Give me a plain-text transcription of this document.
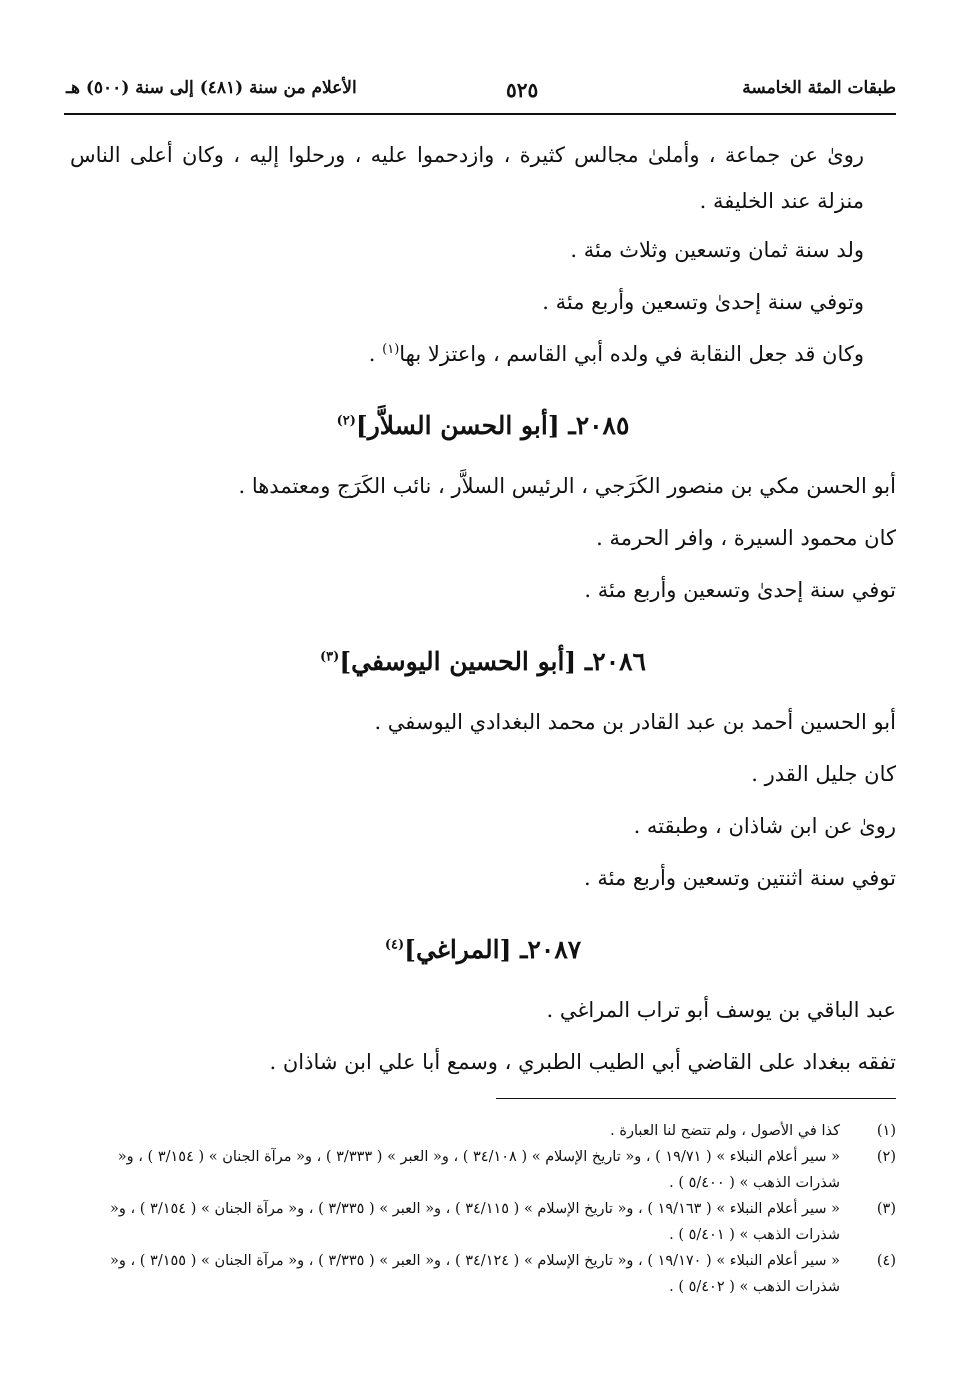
طبقات المئة الخامسة
٥٢٥
الأعلام من سنة (٤٨١) إلى سنة (٥٠٠) هـ

رویٰ عن جماعة ، وأملیٰ مجالس كثيرة ، وازدحموا عليه ، ورحلوا إليه ، وكان أعلى الناس منزلة عند الخليفة .

ولد سنة ثمان وتسعين وثلاث مئة .

وتوفي سنة إحدیٰ وتسعين وأربع مئة .

وكان قد جعل النقابة في ولده أبي القاسم ، واعتزلا بها$^{(١)}$ .

٢٠٨٥ـ [أبو الحسن السلاَّر]$^{(٢)}$

أبو الحسن مكي بن منصور الكَرَجي ، الرئيس السلاَّر ، نائب الكَرَج ومعتمدها .

كان محمود السيرة ، وافر الحرمة .

توفي سنة إحدیٰ وتسعين وأربع مئة .

٢٠٨٦ـ [أبو الحسين اليوسفي]$^{(٣)}$

أبو الحسين أحمد بن عبد القادر بن محمد البغدادي اليوسفي .

كان جليل القدر .

رویٰ عن ابن شاذان ، وطبقته .

توفي سنة اثنتين وتسعين وأربع مئة .

٢٠٨٧ـ [المراغي]$^{(٤)}$

عبد الباقي بن يوسف أبو تراب المراغي .

تفقه ببغداد على القاضي أبي الطيب الطبري ، وسمع أبا علي ابن شاذان .

(١)
كذا في الأصول ، ولم تتضح لنا العبارة .
(٢)
« سير أعلام النبلاء » ( ١٩/٧١ ) ، و« تاريخ الإسلام » ( ٣٤/١٠٨ ) ، و« العبر » ( ٣/٣٣٣ ) ، و« مرآة الجنان » ( ٣/١٥٤ ) ، و« شذرات الذهب » ( ٥/٤٠٠ ) .
(٣)
« سير أعلام النبلاء » ( ١٩/١٦٣ ) ، و« تاريخ الإسلام » ( ٣٤/١١٥ ) ، و« العبر » ( ٣/٣٣٥ ) ، و« مرآة الجنان » ( ٣/١٥٤ ) ، و« شذرات الذهب » ( ٥/٤٠١ ) .
(٤)
« سير أعلام النبلاء » ( ١٩/١٧٠ ) ، و« تاريخ الإسلام » ( ٣٤/١٢٤ ) ، و« العبر » ( ٣/٣٣٥ ) ، و« مرآة الجنان » ( ٣/١٥٥ ) ، و« شذرات الذهب » ( ٥/٤٠٢ ) .
